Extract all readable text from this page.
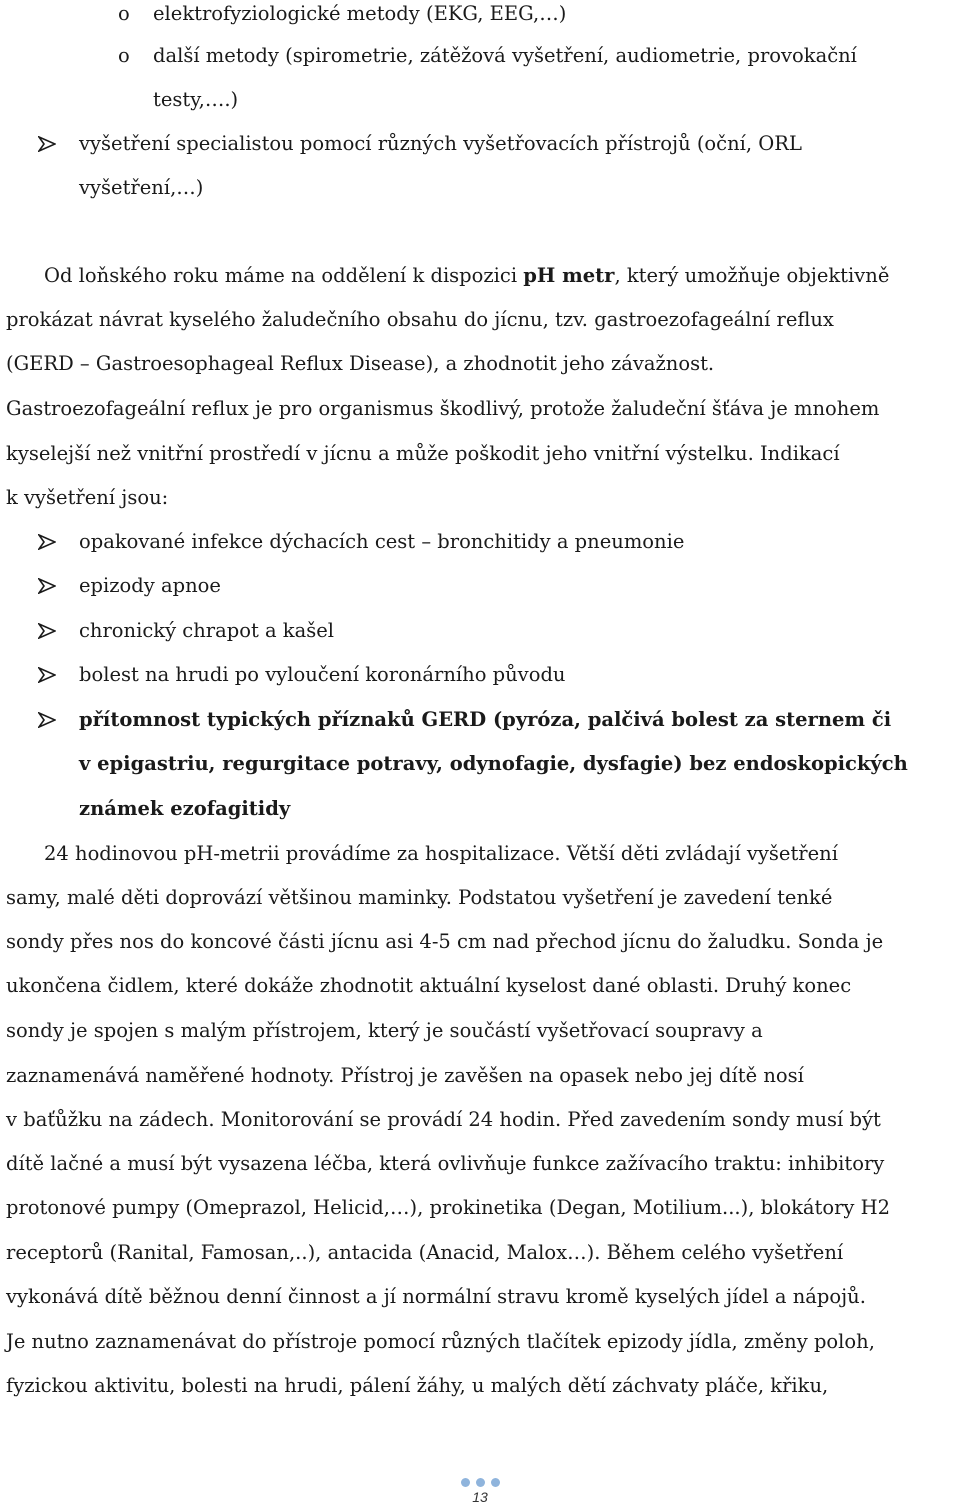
o elektrofyziologické metody (EKG, EEG,…)
o další metody (spirometrie, zátěžová vyšetření, audiometrie, provokační
testy,….)
vyšetření specialistou pomocí různých vyšetřovacích přístrojů (oční, ORL
vyšetření,…)
Od loňského roku máme na oddělení k dispozici pH metr, který umožňuje objektivně
prokázat návrat kyselého žaludečního obsahu do jícnu, tzv. gastroezofageální reflux
(GERD – Gastroesophageal Reflux Disease), a zhodnotit jeho závažnost.
Gastroezofageální reflux je pro organismus škodlivý, protože žaludeční šťáva je mnohem
kyselejší než vnitřní prostředí v jícnu a může poškodit jeho vnitřní výstelku. Indikací
k vyšetření jsou:
opakované infekce dýchacích cest – bronchitidy a pneumonie
epizody apnoe
chronický chrapot a kašel
bolest na hrudi po vyloučení koronárního původu
přítomnost typických příznaků GERD (pyróza, palčivá bolest za sternem či
v epigastriu, regurgitace potravy, odynofagie, dysfagie) bez endoskopických
známek ezofagitidy
24 hodinovou pH-metrii provádíme za hospitalizace. Větší děti zvládají vyšetření
samy, malé děti doprovází většinou maminky. Podstatou vyšetření je zavedení tenké
sondy přes nos do koncové části jícnu asi 4-5 cm nad přechod jícnu do žaludku. Sonda je
ukončena čidlem, které dokáže zhodnotit aktuální kyselost dané oblasti. Druhý konec
sondy je spojen s malým přístrojem, který je součástí vyšetřovací soupravy a
zaznamenává naměřené hodnoty. Přístroj je zavěšen na opasek nebo jej dítě nosí
v baťůžku na zádech. Monitorování se provádí 24 hodin. Před zavedením sondy musí být
dítě lačné a musí být vysazena léčba, která ovlivňuje funkce zažívacího traktu: inhibitory
protonové pumpy (Omeprazol, Helicid,…), prokinetika (Degan, Motilium...), blokátory H2
receptorů (Ranital, Famosan,..), antacida (Anacid, Malox…). Během celého vyšetření
vykonává dítě běžnou denní činnost a jí normální stravu kromě kyselých jídel a nápojů.
Je nutno zaznamenávat do přístroje pomocí různých tlačítek epizody jídla, změny poloh,
fyzickou aktivitu, bolesti na hrudi, pálení žáhy, u malých dětí záchvaty pláče, křiku,
13
